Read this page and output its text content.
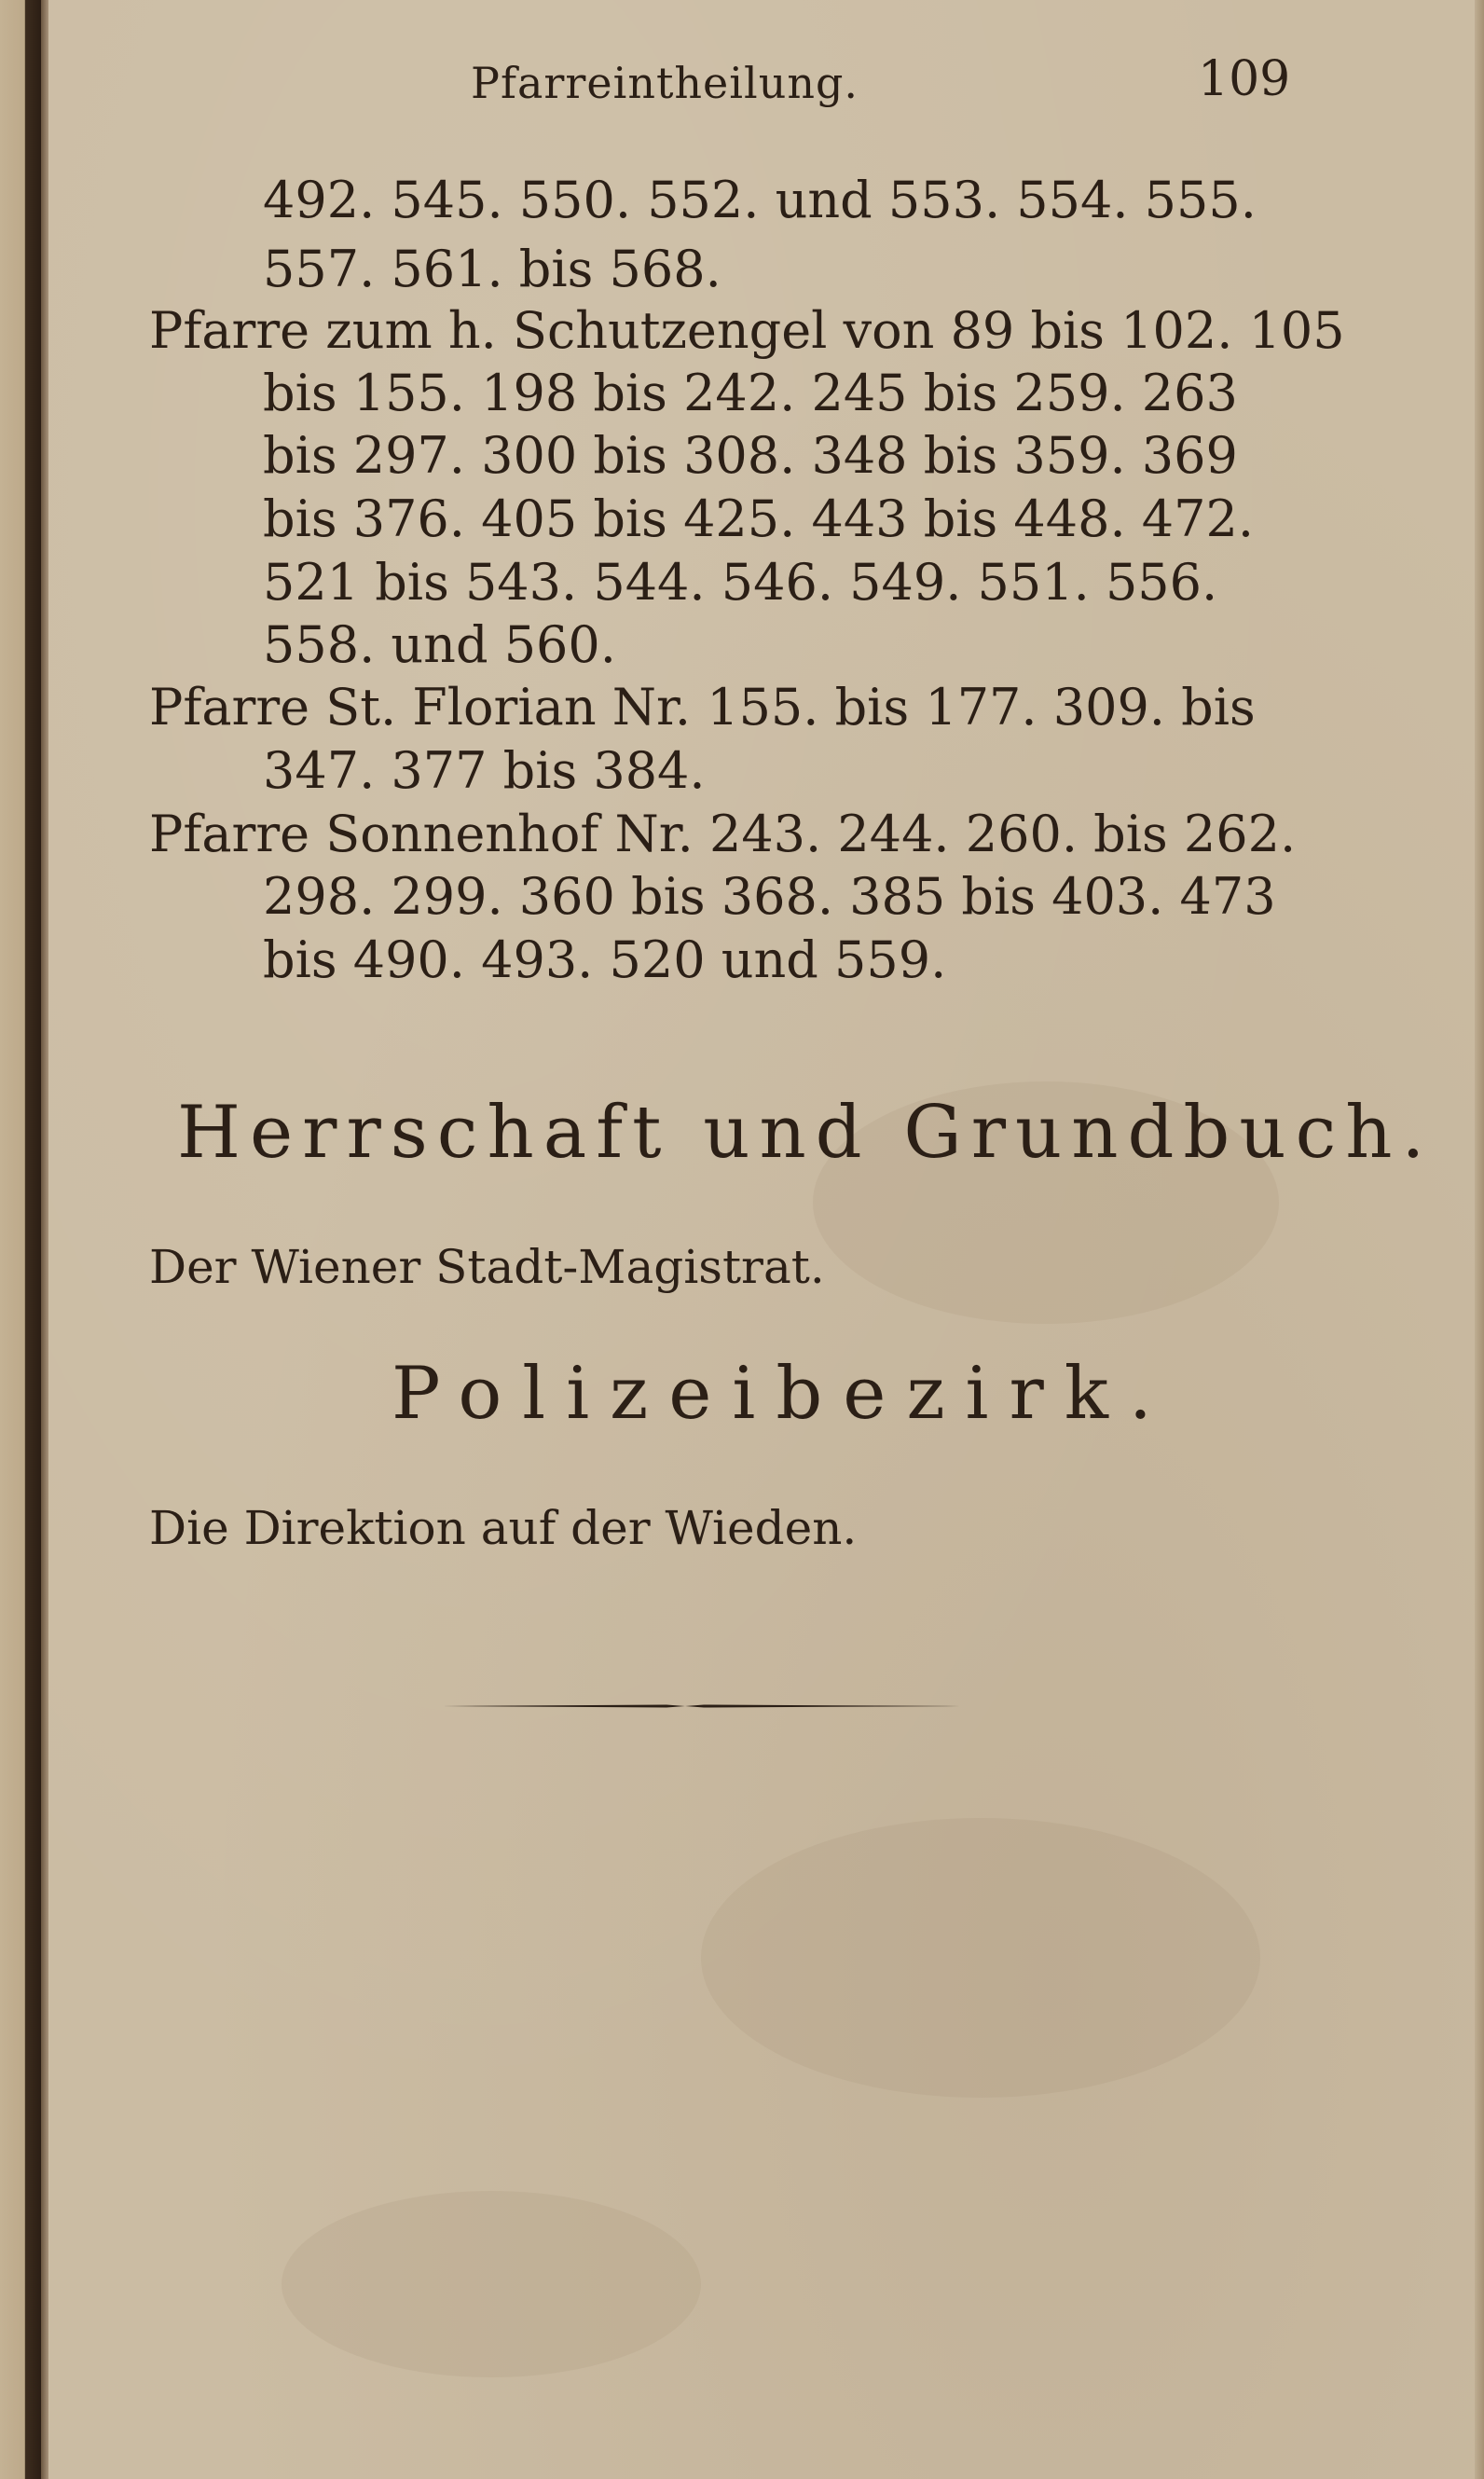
Pfarreintheilung.	109
492. 545. 550. 552. und 553. 554. 555.
557. 561. bis 568.
Pfarre zum h. Schutzengel von 89 bis 102. 105
bis 155. 198 bis 242. 245 bis 259. 263
bis 297. 300 bis 308. 348 bis 359. 369
bis 376. 405 bis 425. 443 bis 448. 472.
521 bis 543. 544. 546. 549. 551. 556.
558. und 560.
Pfarre St. Florian Nr. 155. bis 177. 309. bis
347. 377 bis 384.
Pfarre Sonnenhof Nr. 243. 244. 260. bis 262.
298. 299. 360 bis 368. 385 bis 403. 473
bis 490. 493. 520 und 559.
Herrschaft und Grundbuch.
Der Wiener Stadt-Magistrat.
Polizeibezirk.
Die Direktion auf der Wieden.
